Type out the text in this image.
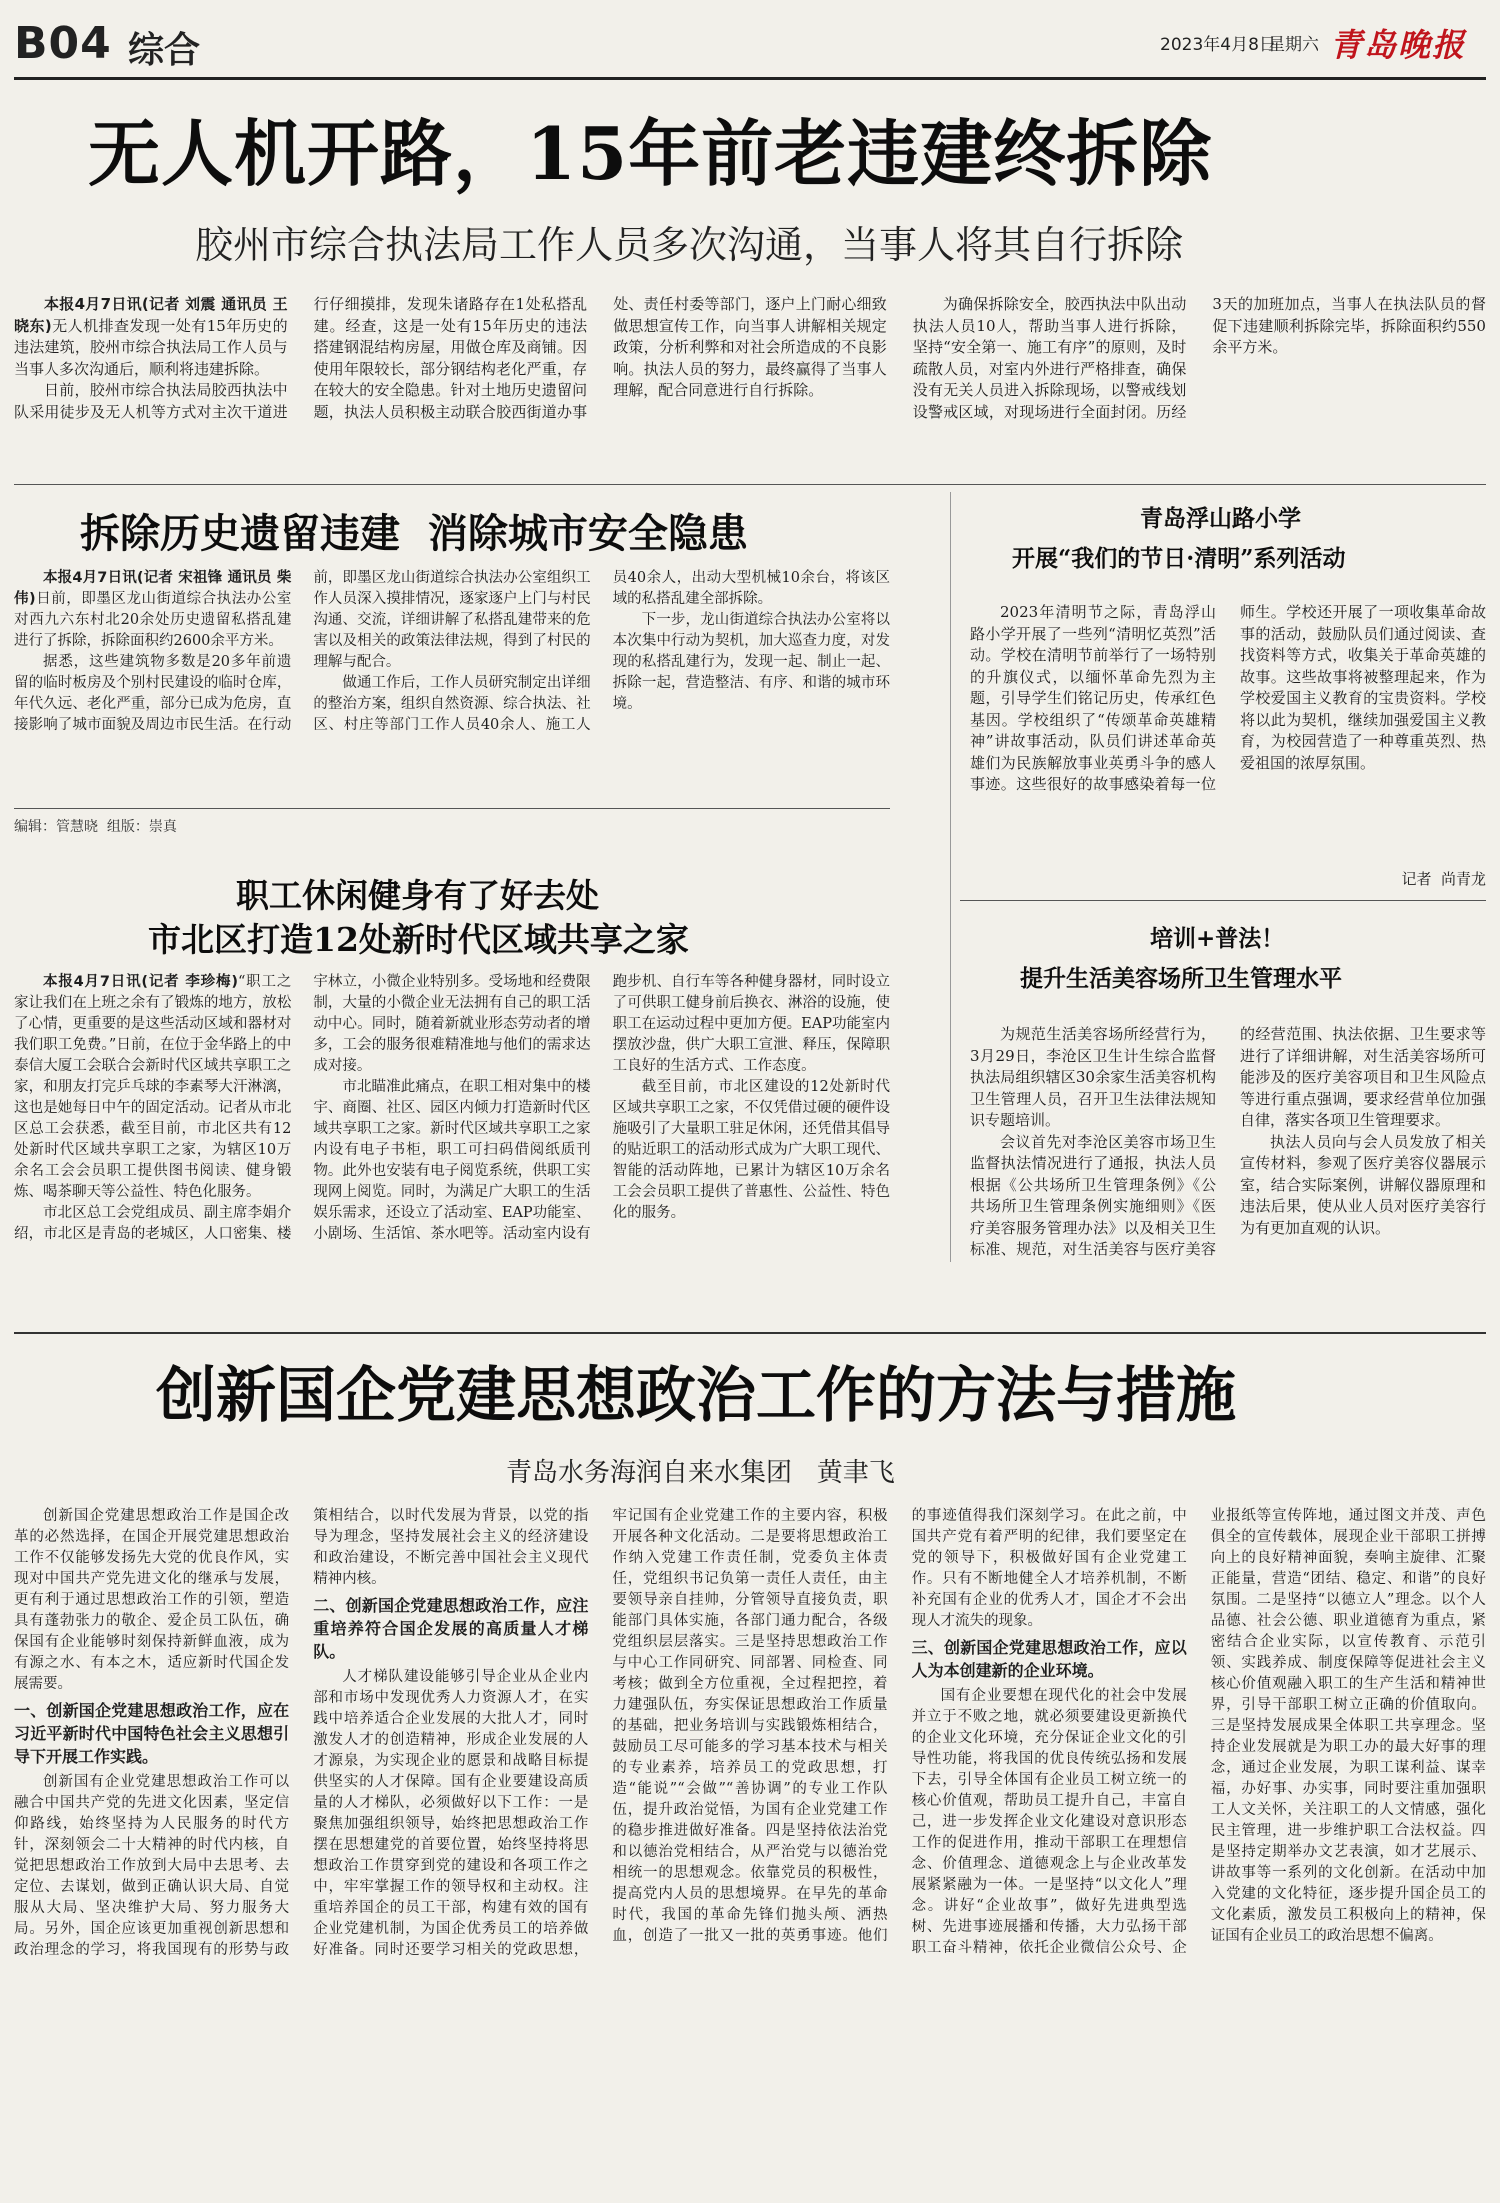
B04 综合	2023年4月8日
星期六 青岛晚报
无人机开路，15年前老违建终拆除
胶州市综合执法局工作人员多次沟通，当事人将其自行拆除

本报4月7日讯(记者 刘震 通讯员 王晓东)无人机排查发现一处有15年历史的违法建筑，胶州市综合执法局工作人员与当事人多次沟通后，顺利将违建拆除。

日前，胶州市综合执法局胶西执法中队采用徒步及无人机等方式对主次干道进行仔细摸排，发现朱诸路存在1处私搭乱建。经查，这是一处有15年历史的违法搭建钢混结构房屋，用做仓库及商铺。因使用年限较长，部分钢结构老化严重，存在较大的安全隐患。针对土地历史遗留问题，执法人员积极主动联合胶西街道办事处、责任村委等部门，逐户上门耐心细致做思想宣传工作，向当事人讲解相关规定政策，分析利弊和对社会所造成的不良影响。执法人员的努力，最终赢得了当事人理解，配合同意进行自行拆除。

为确保拆除安全，胶西执法中队出动执法人员10人，帮助当事人进行拆除，坚持“安全第一、施工有序”的原则，及时疏散人员，对室内外进行严格排查，确保没有无关人员进入拆除现场，以警戒线划设警戒区域，对现场进行全面封闭。历经3天的加班加点，当事人在执法队员的督促下违建顺利拆除完毕，拆除面积约550余平方米。

拆除历史遗留违建  消除城市安全隐患

本报4月7日讯(记者 宋祖锋 通讯员 柴伟)日前，即墨区龙山街道综合执法办公室对西九六东村北20余处历史遗留私搭乱建进行了拆除，拆除面积约2600余平方米。

据悉，这些建筑物多数是20多年前遗留的临时板房及个别村民建设的临时仓库，年代久远、老化严重，部分已成为危房，直接影响了城市面貌及周边市民生活。在行动前，即墨区龙山街道综合执法办公室组织工作人员深入摸排情况，逐家逐户上门与村民沟通、交流，详细讲解了私搭乱建带来的危害以及相关的政策法律法规，得到了村民的理解与配合。

做通工作后，工作人员研究制定出详细的整治方案，组织自然资源、综合执法、社区、村庄等部门工作人员40余人、施工人员40余人，出动大型机械10余台，将该区域的私搭乱建全部拆除。

下一步，龙山街道综合执法办公室将以本次集中行动为契机，加大巡查力度，对发现的私搭乱建行为，发现一起、制止一起、拆除一起，营造整洁、有序、和谐的城市环境。

编辑：管慧晓  组版：崇真
青岛浮山路小学
开展“我们的节日·清明”系列活动

2023年清明节之际，青岛浮山路小学开展了一些列“清明忆英烈”活动。学校在清明节前举行了一场特别的升旗仪式，以缅怀革命先烈为主题，引导学生们铭记历史，传承红色基因。学校组织了“传颂革命英雄精神”讲故事活动，队员们讲述革命英雄们为民族解放事业英勇斗争的感人事迹。这些很好的故事感染着每一位师生。学校还开展了一项收集革命故事的活动，鼓励队员们通过阅读、查找资料等方式，收集关于革命英雄的故事。这些故事将被整理起来，作为学校爱国主义教育的宝贵资料。学校将以此为契机，继续加强爱国主义教育，为校园营造了一种尊重英烈、热爱祖国的浓厚氛围。

记者  尚青龙
职工休闲健身有了好去处
市北区打造12处新时代区域共享之家

本报4月7日讯(记者 李珍梅)“职工之家让我们在上班之余有了锻炼的地方，放松了心情，更重要的是这些活动区域和器材对我们职工免费。”日前，在位于金华路上的中泰信大厦工会联合会新时代区域共享职工之家，和朋友打完乒乓球的李素琴大汗淋漓，这也是她每日中午的固定活动。记者从市北区总工会获悉，截至目前，市北区共有12处新时代区域共享职工之家，为辖区10万余名工会会员职工提供图书阅读、健身锻炼、喝茶聊天等公益性、特色化服务。

市北区总工会党组成员、副主席李娟介绍，市北区是青岛的老城区，人口密集、楼宇林立，小微企业特别多。受场地和经费限制，大量的小微企业无法拥有自己的职工活动中心。同时，随着新就业形态劳动者的增多，工会的服务很难精准地与他们的需求达成对接。

市北瞄准此痛点，在职工相对集中的楼宇、商圈、社区、园区内倾力打造新时代区域共享职工之家。新时代区域共享职工之家内设有电子书柜，职工可扫码借阅纸质刊物。此外也安装有电子阅览系统，供职工实现网上阅览。同时，为满足广大职工的生活娱乐需求，还设立了活动室、EAP功能室、小剧场、生活馆、茶水吧等。活动室内设有跑步机、自行车等各种健身器材，同时设立了可供职工健身前后换衣、淋浴的设施，使职工在运动过程中更加方便。EAP功能室内摆放沙盘，供广大职工宣泄、释压，保障职工良好的生活方式、工作态度。

截至目前，市北区建设的12处新时代区域共享职工之家，不仅凭借过硬的硬件设施吸引了大量职工驻足休闲，还凭借其倡导的贴近职工的活动形式成为广大职工现代、智能的活动阵地，已累计为辖区10万余名工会会员职工提供了普惠性、公益性、特色化的服务。

培训+普法！
提升生活美容场所卫生管理水平

为规范生活美容场所经营行为，3月29日，李沧区卫生计生综合监督执法局组织辖区30余家生活美容机构卫生管理人员，召开卫生法律法规知识专题培训。

会议首先对李沧区美容市场卫生监督执法情况进行了通报，执法人员根据《公共场所卫生管理条例》《公共场所卫生管理条例实施细则》《医疗美容服务管理办法》以及相关卫生标准、规范，对生活美容与医疗美容的经营范围、执法依据、卫生要求等进行了详细讲解，对生活美容场所可能涉及的医疗美容项目和卫生风险点等进行重点强调，要求经营单位加强自律，落实各项卫生管理要求。

执法人员向与会人员发放了相关宣传材料，参观了医疗美容仪器展示室，结合实际案例，讲解仪器原理和违法后果，使从业人员对医疗美容行为有更加直观的认识。

创新国企党建思想政治工作的方法与措施
青岛水务海润自来水集团   黄聿飞

创新国企党建思想政治工作是国企改革的必然选择，在国企开展党建思想政治工作不仅能够发扬先大党的优良作风，实现对中国共产党先进文化的继承与发展，更有利于通过思想政治工作的引领，塑造具有蓬勃张力的敬企、爱企员工队伍，确保国有企业能够时刻保持新鲜血液，成为有源之水、有本之木，适应新时代国企发展需要。

一、创新国企党建思想政治工作，应在习近平新时代中国特色社会主义思想引导下开展工作实践。

创新国有企业党建思想政治工作可以融合中国共产党的先进文化因素，坚定信仰路线，始终坚持为人民服务的时代方针，深刻领会二十大精神的时代内核，自觉把思想政治工作放到大局中去思考、去定位、去谋划，做到正确认识大局、自觉服从大局、坚决维护大局、努力服务大局。另外，国企应该更加重视创新思想和政治理念的学习，将我国现有的形势与政策相结合，以时代发展为背景，以党的指导为理念，坚持发展社会主义的经济建设和政治建设，不断完善中国社会主义现代精神内核。

二、创新国企党建思想政治工作，应注重培养符合国企发展的高质量人才梯队。

人才梯队建设能够引导企业从企业内部和市场中发现优秀人力资源人才，在实践中培养适合企业发展的大批人才，同时激发人才的创造精神，形成企业发展的人才源泉，为实现企业的愿景和战略目标提供坚实的人才保障。国有企业要建设高质量的人才梯队，必须做好以下工作：一是聚焦加强组织领导，始终把思想政治工作摆在思想建党的首要位置，始终坚持将思想政治工作贯穿到党的建设和各项工作之中，牢牢掌握工作的领导权和主动权。注重培养国企的员工干部，构建有效的国有企业党建机制，为国企优秀员工的培养做好准备。同时还要学习相关的党政思想，牢记国有企业党建工作的主要内容，积极开展各种文化活动。二是要将思想政治工作纳入党建工作责任制，党委负主体责任，党组织书记负第一责任人责任，由主要领导亲自挂帅，分管领导直接负责，职能部门具体实施，各部门通力配合，各级党组织层层落实。三是坚持思想政治工作与中心工作同研究、同部署、同检查、同考核；做到全方位重视，全过程把控，着力建强队伍，夯实保证思想政治工作质量的基础，把业务培训与实践锻炼相结合，鼓励员工尽可能多的学习基本技术与相关的专业素养，培养员工的党政思想，打造“能说”“会做”“善协调”的专业工作队伍，提升政治觉悟，为国有企业党建工作的稳步推进做好准备。四是坚持依法治党和以德治党相结合，从严治党与以德治党相统一的思想观念。依靠党员的积极性，提高党内人员的思想境界。在早先的革命时代，我国的革命先锋们抛头颅、洒热血，创造了一批又一批的英勇事迹。他们的事迹值得我们深刻学习。在此之前，中国共产党有着严明的纪律，我们要坚定在党的领导下，积极做好国有企业党建工作。只有不断地健全人才培养机制，不断补充国有企业的优秀人才，国企才不会出现人才流失的现象。

三、创新国企党建思想政治工作，应以人为本创建新的企业环境。

国有企业要想在现代化的社会中发展并立于不败之地，就必须要建设更新换代的企业文化环境，充分保证企业文化的引导性功能，将我国的优良传统弘扬和发展下去，引导全体国有企业员工树立统一的核心价值观，帮助员工提升自己，丰富自己，进一步发挥企业文化建设对意识形态工作的促进作用，推动干部职工在理想信念、价值理念、道德观念上与企业改革发展紧紧融为一体。一是坚持“以文化人”理念。讲好“企业故事”，做好先进典型选树、先进事迹展播和传播，大力弘扬干部职工奋斗精神，依托企业微信公众号、企业报纸等宣传阵地，通过图文并茂、声色俱全的宣传载体，展现企业干部职工拼搏向上的良好精神面貌，奏响主旋律、汇聚正能量，营造“团结、稳定、和谐”的良好氛围。二是坚持“以德立人”理念。以个人品德、社会公德、职业道德育为重点，紧密结合企业实际，以宣传教育、示范引领、实践养成、制度保障等促进社会主义核心价值观融入职工的生产生活和精神世界，引导干部职工树立正确的价值取向。三是坚持发展成果全体职工共享理念。坚持企业发展就是为职工办的最大好事的理念，通过企业发展，为职工谋利益、谋幸福，办好事、办实事，同时要注重加强职工人文关怀，关注职工的人文情感，强化民主管理，进一步维护职工合法权益。四是坚持定期举办文艺表演，如才艺展示、讲故事等一系列的文化创新。在活动中加入党建的文化特征，逐步提升国企员工的文化素质，激发员工积极向上的精神，保证国有企业员工的政治思想不偏离。
